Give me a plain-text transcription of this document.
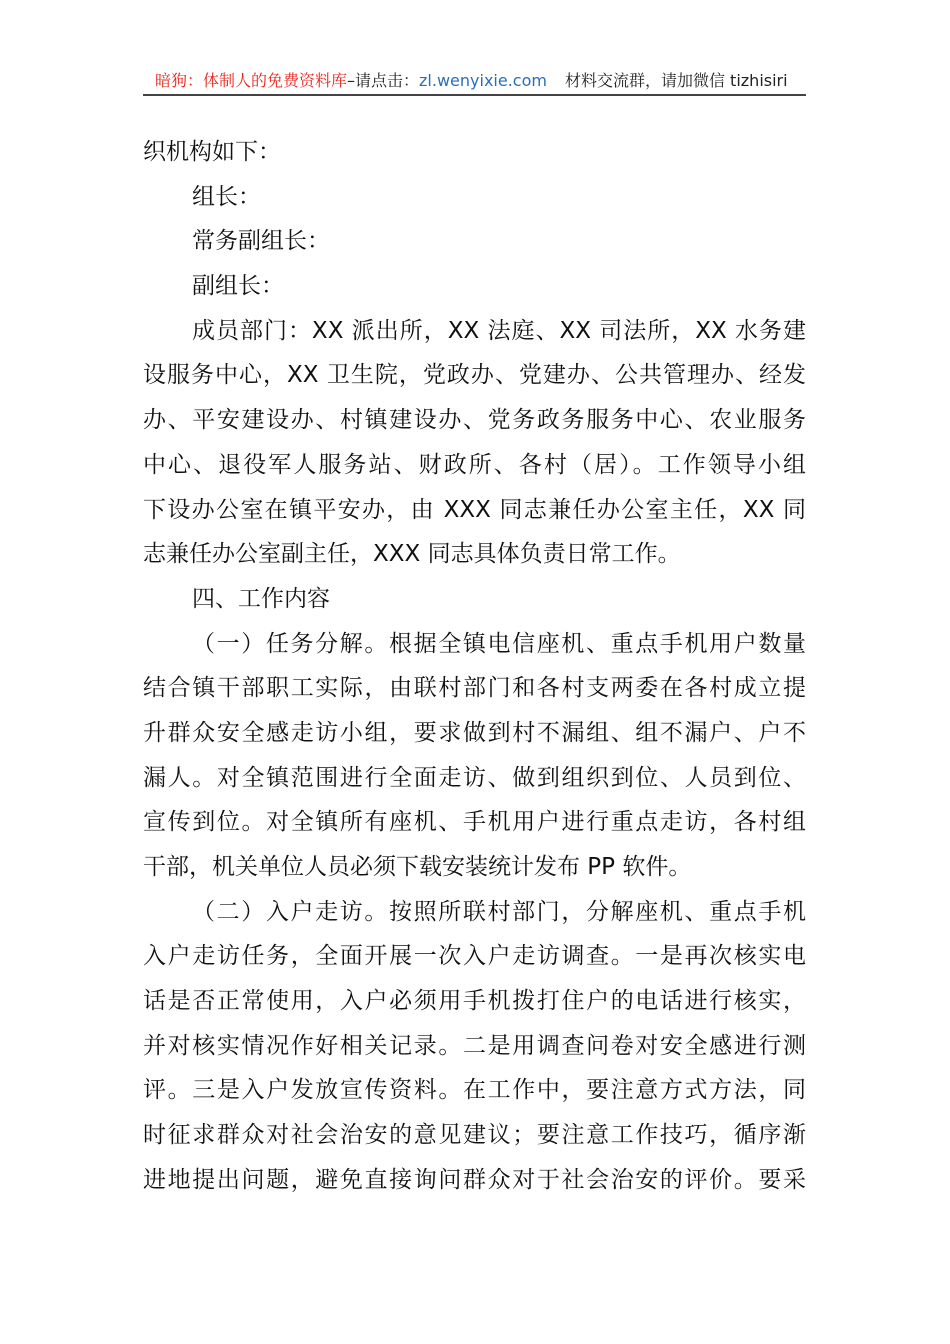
暗狗：体制人的免费资料库–请点击：zl.wenyixie.com 材料交流群，请加微信 tizhisiri
织机构如下：
组长：
常务副组长：
副组长：
成员部门：XX 派出所，XX 法庭、XX 司法所，XX 水务建
设服务中心，XX 卫生院，党政办、党建办、公共管理办、经发
办、平安建设办、村镇建设办、党务政务服务中心、农业服务
中心、退役军人服务站、财政所、各村（居）。工作领导小组
下设办公室在镇平安办，由 XXX 同志兼任办公室主任，XX 同
志兼任办公室副主任，XXX 同志具体负责日常工作。
四、工作内容
（一）任务分解。根据全镇电信座机、重点手机用户数量
结合镇干部职工实际，由联村部门和各村支两委在各村成立提
升群众安全感走访小组，要求做到村不漏组、组不漏户、户不
漏人。对全镇范围进行全面走访、做到组织到位、人员到位、
宣传到位。对全镇所有座机、手机用户进行重点走访，各村组
干部，机关单位人员必须下载安装统计发布 PP 软件。
（二）入户走访。按照所联村部门，分解座机、重点手机
入户走访任务，全面开展一次入户走访调查。一是再次核实电
话是否正常使用，入户必须用手机拨打住户的电话进行核实，
并对核实情况作好相关记录。二是用调查问卷对安全感进行测
评。三是入户发放宣传资料。在工作中，要注意方式方法，同
时征求群众对社会治安的意见建议；要注意工作技巧，循序渐
进地提出问题，避免直接询问群众对于社会治安的评价。要采
